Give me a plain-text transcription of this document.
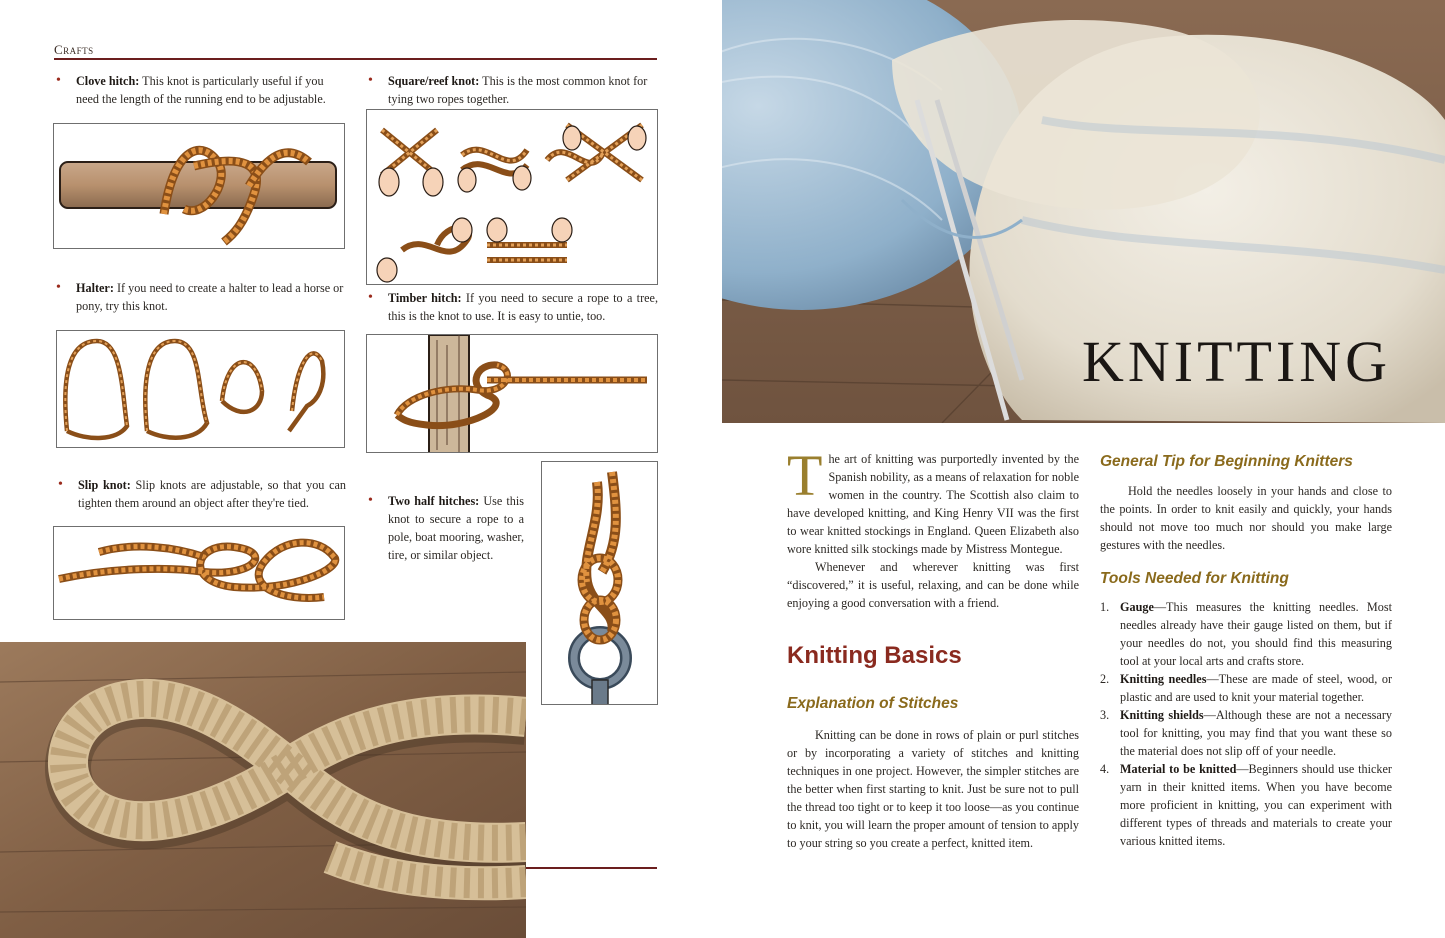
Crafts
• Clove hitch: This knot is particularly useful if you need the length of the running end to be adjustable.
• Square/reef knot: This is the most common knot for tying two ropes together.
• Halter: If you need to create a halter to lead a horse or pony, try this knot.
• Timber hitch: If you need to secure a rope to a tree, this is the knot to use. It is easy to untie, too.
• Slip knot: Slip knots are adjustable, so that you can tighten them around an object after they're tied.	• Two half hitches: Use this knot to secure a rope to a pole, boat mooring, washer, tire, or similar object.
KNITTING
T he art of knitting was purportedly invented by the Spanish nobility, as a means of relaxation for noble women in the country. The Scottish also claim to have developed knitting, and King Henry VII was the first to wear knitted stockings in England. Queen Elizabeth also wore knitted silk stockings made by Mistress Montegue.

Whenever and wherever knitting was first “discovered,” it is useful, relaxing, and can be done while enjoying a good conversation with a friend.

Knitting Basics
Explanation of Stitches

Knitting can be done in rows of plain or purl stitches or by incorporating a variety of stitches and knitting techniques in one project. However, the simpler stitches are the better when first starting to knit. Just be sure not to pull the thread too tight or to keep it too loose—as you continue to knit, you will learn the proper amount of tension to apply to your string so you create a perfect, knitted item.

General Tip for Beginning Knitters

Hold the needles loosely in your hands and close to the points. In order to knit easily and quickly, your hands should not move too much nor should you make large gestures with the needles.

Tools Needed for Knitting
1. Gauge—This measures the knitting needles. Most needles already have their gauge listed on them, but if your needles do not, you should find this measuring tool at your local arts and crafts store.
2. Knitting needles—These are made of steel, wood, or plastic and are used to knit your material together.
3. Knitting shields—Although these are not a necessary tool for knitting, you may find that you want these so the material does not slip off of your needle.
4. Material to be knitted—Beginners should use thicker yarn in their knitted items. When you have become more proficient in knitting, you can experiment with different types of threads and materials to create your various knitted items.
